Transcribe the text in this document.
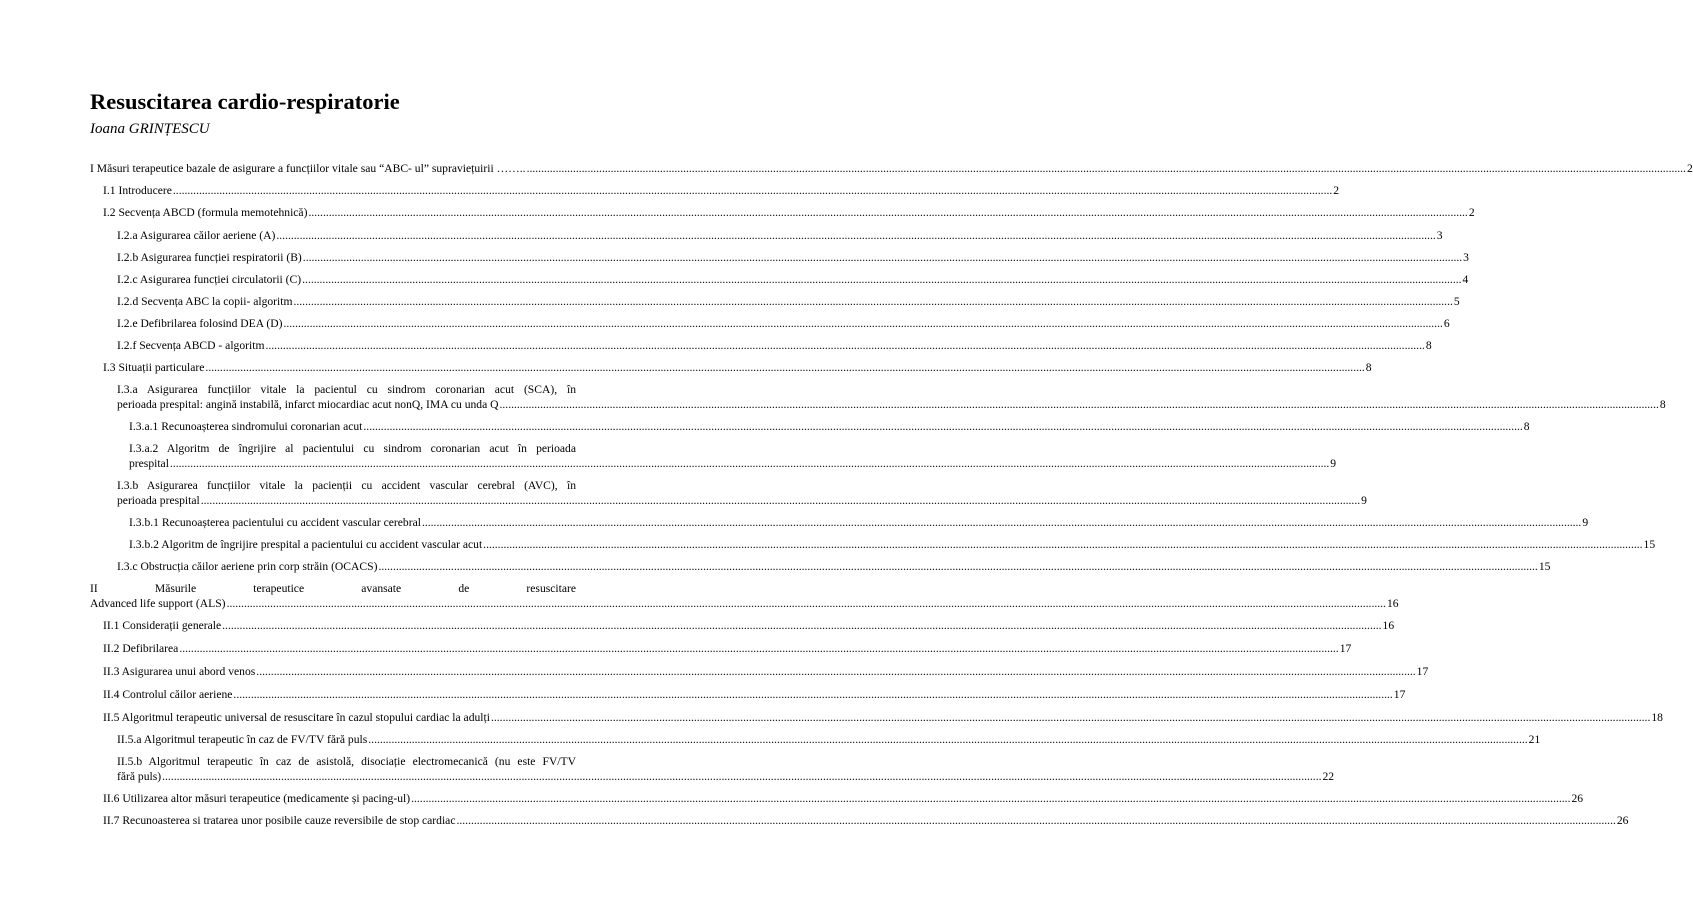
Resuscitarea cardio-respiratorie
Ioana GRINȚESCU
I Măsuri terapeutice bazale de asigurare a funcțiilor vitale sau “ABC- ul” supraviețuirii …….. ................................................................................................................................................................................................................................................................................................................................................................................................................ 2
I.1 Introducere ................................................................................................................................................................................................................................................................................................................................................................................................................ 2
I.2 Secvența ABCD (formula memotehnică) ................................................................................................................................................................................................................................................................................................................................................................................................................ 2
I.2.a Asigurarea căilor aeriene (A) ................................................................................................................................................................................................................................................................................................................................................................................................................ 3
I.2.b Asigurarea funcției respiratorii (B) ................................................................................................................................................................................................................................................................................................................................................................................................................ 3
I.2.c Asigurarea funcției circulatorii (C) ................................................................................................................................................................................................................................................................................................................................................................................................................ 4
I.2.d Secvența ABC la copii- algoritm ................................................................................................................................................................................................................................................................................................................................................................................................................ 5
I.2.e Defibrilarea folosind DEA (D) ................................................................................................................................................................................................................................................................................................................................................................................................................ 6
I.2.f Secvența ABCD - algoritm ................................................................................................................................................................................................................................................................................................................................................................................................................ 8
I.3 Situații particulare ................................................................................................................................................................................................................................................................................................................................................................................................................ 8
I.3.a Asigurarea funcțiilor vitale la pacientul cu sindrom coronarian acut (SCA), în
perioada prespital: angină instabilă, infarct miocardiac acut nonQ, IMA cu unda Q ................................................................................................................................................................................................................................................................................................................................................................................................................ 8
I.3.a.1 Recunoașterea sindromului coronarian acut ................................................................................................................................................................................................................................................................................................................................................................................................................ 8
I.3.a.2 Algoritm de îngrijire al pacientului cu sindrom coronarian acut în perioada
prespital ................................................................................................................................................................................................................................................................................................................................................................................................................ 9
I.3.b Asigurarea funcțiilor vitale la pacienții cu accident vascular cerebral (AVC), în
perioada prespital ................................................................................................................................................................................................................................................................................................................................................................................................................ 9
I.3.b.1 Recunoașterea pacientului cu accident vascular cerebral ................................................................................................................................................................................................................................................................................................................................................................................................................ 9
I.3.b.2 Algoritm de îngrijire prespital a pacientului cu accident vascular acut ................................................................................................................................................................................................................................................................................................................................................................................................................ 15
I.3.c Obstrucția căilor aeriene prin corp străin (OCACS) ................................................................................................................................................................................................................................................................................................................................................................................................................ 15
II Măsurile terapeutice avansate de resuscitare
Advanced life support (ALS) ................................................................................................................................................................................................................................................................................................................................................................................................................ 16
II.1 Considerații generale ................................................................................................................................................................................................................................................................................................................................................................................................................ 16
II.2 Defibrilarea ................................................................................................................................................................................................................................................................................................................................................................................................................ 17
II.3 Asigurarea unui abord venos ................................................................................................................................................................................................................................................................................................................................................................................................................ 17
II.4 Controlul căilor aeriene ................................................................................................................................................................................................................................................................................................................................................................................................................ 17
II.5 Algoritmul terapeutic universal de resuscitare în cazul stopului cardiac la adulți ................................................................................................................................................................................................................................................................................................................................................................................................................ 18
II.5.a Algoritmul terapeutic în caz de FV/TV fără puls ................................................................................................................................................................................................................................................................................................................................................................................................................ 21
II.5.b Algoritmul terapeutic în caz de asistolă, disociație electromecanică (nu este FV/TV
fără puls) ................................................................................................................................................................................................................................................................................................................................................................................................................ 22
II.6 Utilizarea altor măsuri terapeutice (medicamente și pacing-ul) ................................................................................................................................................................................................................................................................................................................................................................................................................ 26
II.7 Recunoasterea si tratarea unor posibile cauze reversibile de stop cardiac ................................................................................................................................................................................................................................................................................................................................................................................................................ 26
